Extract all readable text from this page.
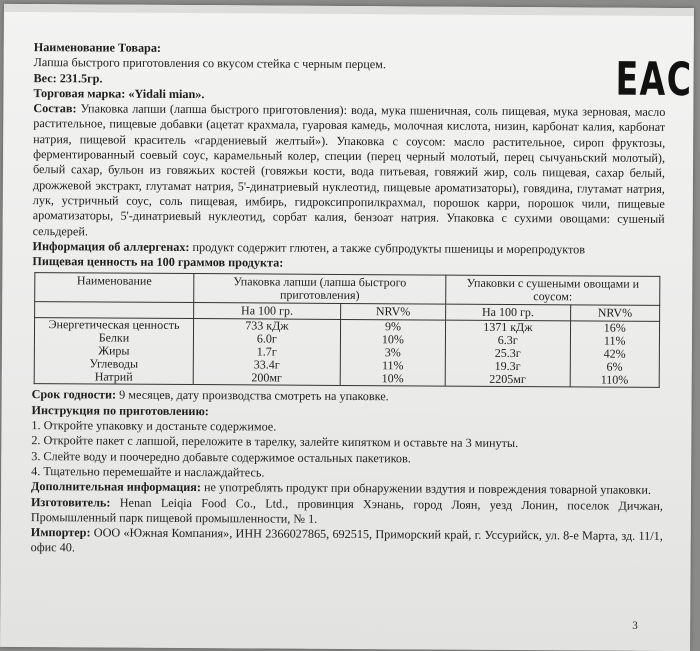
EAC
Наименование Товара:
Лапша быстрого приготовления со вкусом стейка с черным перцем.
Вес: 231.5гр.
Торговая марка: «Yidali mian».
Состав: Упаковка лапши (лапша быстрого приготовления): вода, мука пшеничная, соль пищевая, мука зерновая, масло растительное, пищевые добавки (ацетат крахмала, гуаровая камедь, молочная кислота, низин, карбонат калия, карбонат натрия, пищевой краситель «гардениевый желтый»). Упаковка с соусом: масло растительное, сироп фруктозы, ферментированный соевый соус, карамельный колер, специи (перец черный молотый, перец сычуаньский молотый), белый сахар, бульон из говяжьих костей (говяжьи кости, вода питьевая, говяжий жир, соль пищевая, сахар белый, дрожжевой экстракт, глутамат натрия, 5'-динатриевый нуклеотид, пищевые ароматизаторы), говядина, глутамат натрия, лук, устричный соус, соль пищевая, имбирь, гидроксипропилкрахмал, порошок карри, порошок чили, пищевые ароматизаторы, 5'-динатриевый нуклеотид, сорбат калия, бензоат натрия. Упаковка с сухими овощами: сушеный сельдерей.
Информация об аллергенах: продукт содержит глютен, а также субпродукты пшеницы и морепродуктов
Пищевая ценность на 100 граммов продукта:
Наименование	Упаковка лапши (лапша быстрого приготовления)		Упаковки с сушеными овощами и соусом:	
	На 100 гр.	NRV%	На 100 гр.	NRV%
Энергетическая ценность	733 кДж	9%	1371 кДж	16%
Белки	6.0г	10%	6.3г	11%
Жиры	1.7г	3%	25.3г	42%
Углеводы	33.4г	11%	19.3г	6%
Натрий	200мг	10%	2205мг	110%
Срок годности: 9 месяцев, дату производства смотреть на упаковке.
Инструкция по приготовлению:
1. Откройте упаковку и достаньте содержимое.
2. Откройте пакет с лапшой, переложите в тарелку, залейте кипятком и оставьте на 3 минуты.
3. Слейте воду и поочередно добавьте содержимое остальных пакетиков.
4. Тщательно перемешайте и наслаждайтесь.
Дополнительная информация: не употреблять продукт при обнаружении вздутия и повреждения товарной упаковки.
Изготовитель: Henan Leiqia Food Co., Ltd., провинция Хэнань, город Лоян, уезд Лонин, поселок Дичжан, Промышленный парк пищевой промышленности, № 1.
Импортер: ООО «Южная Компания», ИНН 2366027865, 692515, Приморский край, г. Уссурийск, ул. 8-е Марта, зд. 11/1, офис 40.
3
